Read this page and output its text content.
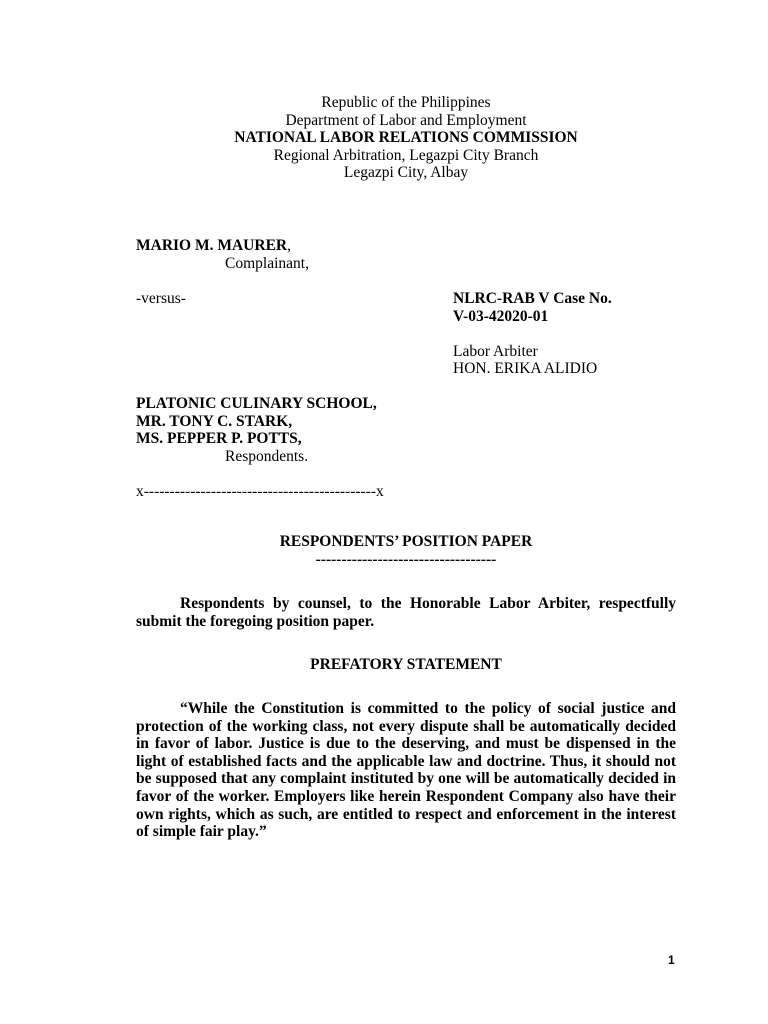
Republic of the Philippines
Department of Labor and Employment
NATIONAL LABOR RELATIONS COMMISSION
Regional Arbitration, Legazpi City Branch
Legazpi City, Albay
MARIO M. MAURER,
Complainant,
-versus-	NLRC-RAB V Case No.
V-03-42020-01
Labor Arbiter
HON. ERIKA ALIDIO
PLATONIC CULINARY SCHOOL,
MR. TONY C. STARK,
MS. PEPPER P. POTTS,
Respondents.
x---------------------------------------------x
RESPONDENTS’ POSITION PAPER
-----------------------------------
Respondents by counsel, to the Honorable Labor Arbiter, respectfully submit the foregoing position paper.
PREFATORY STATEMENT
“While the Constitution is committed to the policy of social justice and protection of the working class, not every dispute shall be automatically decided in favor of labor. Justice is due to the deserving, and must be dispensed in the light of established facts and the applicable law and doctrine. Thus, it should not be supposed that any complaint instituted by one will be automatically decided in favor of the worker. Employers like herein Respondent Company also have their own rights, which as such, are entitled to respect and enforcement in the interest of simple fair play.”
1
